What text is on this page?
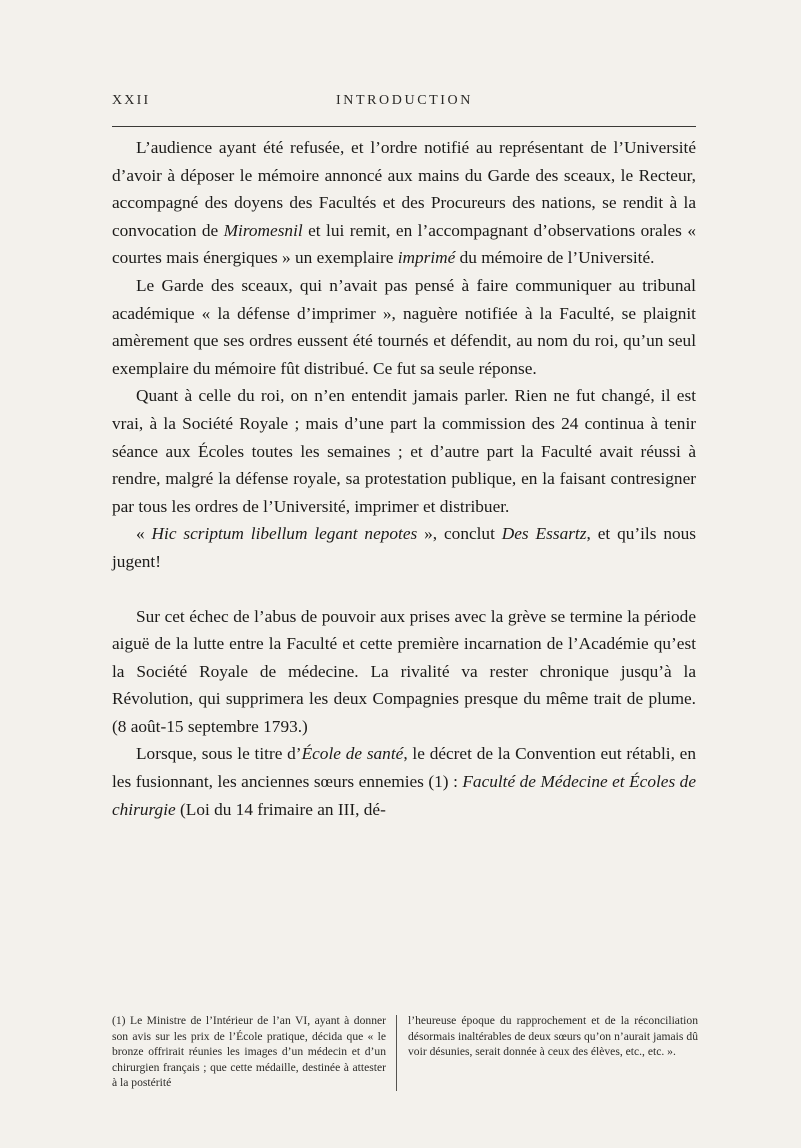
XXII	INTRODUCTION

L’audience ayant été refusée, et l’ordre notifié au représentant de l’Université d’avoir à déposer le mémoire annoncé aux mains du Garde des sceaux, le Recteur, accompagné des doyens des Facultés et des Procureurs des nations, se rendit à la convocation de Miromesnil et lui remit, en l’accompagnant d’observations orales « courtes mais énergiques » un exemplaire imprimé du mémoire de l’Université.

Le Garde des sceaux, qui n’avait pas pensé à faire communiquer au tribunal académique « la défense d’imprimer », naguère notifiée à la Faculté, se plaignit amèrement que ses ordres eussent été tournés et défendit, au nom du roi, qu’un seul exemplaire du mémoire fût distribué. Ce fut sa seule réponse.

Quant à celle du roi, on n’en entendit jamais parler. Rien ne fut changé, il est vrai, à la Société Royale ; mais d’une part la commission des 24 continua à tenir séance aux Écoles toutes les semaines ; et d’autre part la Faculté avait réussi à rendre, malgré la défense royale, sa protestation publique, en la faisant contresigner par tous les ordres de l’Université, imprimer et distribuer.

« Hic scriptum libellum legant nepotes », conclut Des Essartz, et qu’ils nous jugent!

Sur cet échec de l’abus de pouvoir aux prises avec la grève se termine la période aiguë de la lutte entre la Faculté et cette première incarnation de l’Académie qu’est la Société Royale de médecine. La rivalité va rester chronique jusqu’à la Révolution, qui supprimera les deux Compagnies presque du même trait de plume. (8 août-15 septembre 1793.)

Lorsque, sous le titre d’École de santé, le décret de la Convention eut rétabli, en les fusionnant, les anciennes sœurs ennemies (1) : Faculté de Médecine et Écoles de chirurgie (Loi du 14 frimaire an III, dé-

(1) Le Ministre de l’Intérieur de l’an VI, ayant à donner son avis sur les prix de l’École pratique, décida que « le bronze offrirait réunies les images d’un médecin et d’un chirurgien français ; que cette médaille, destinée à attester à la postérité
l’heureuse époque du rapprochement et de la réconciliation désormais inaltérables de deux sœurs qu’on n’aurait jamais dû voir désunies, serait donnée à ceux des élèves, etc., etc. ».
